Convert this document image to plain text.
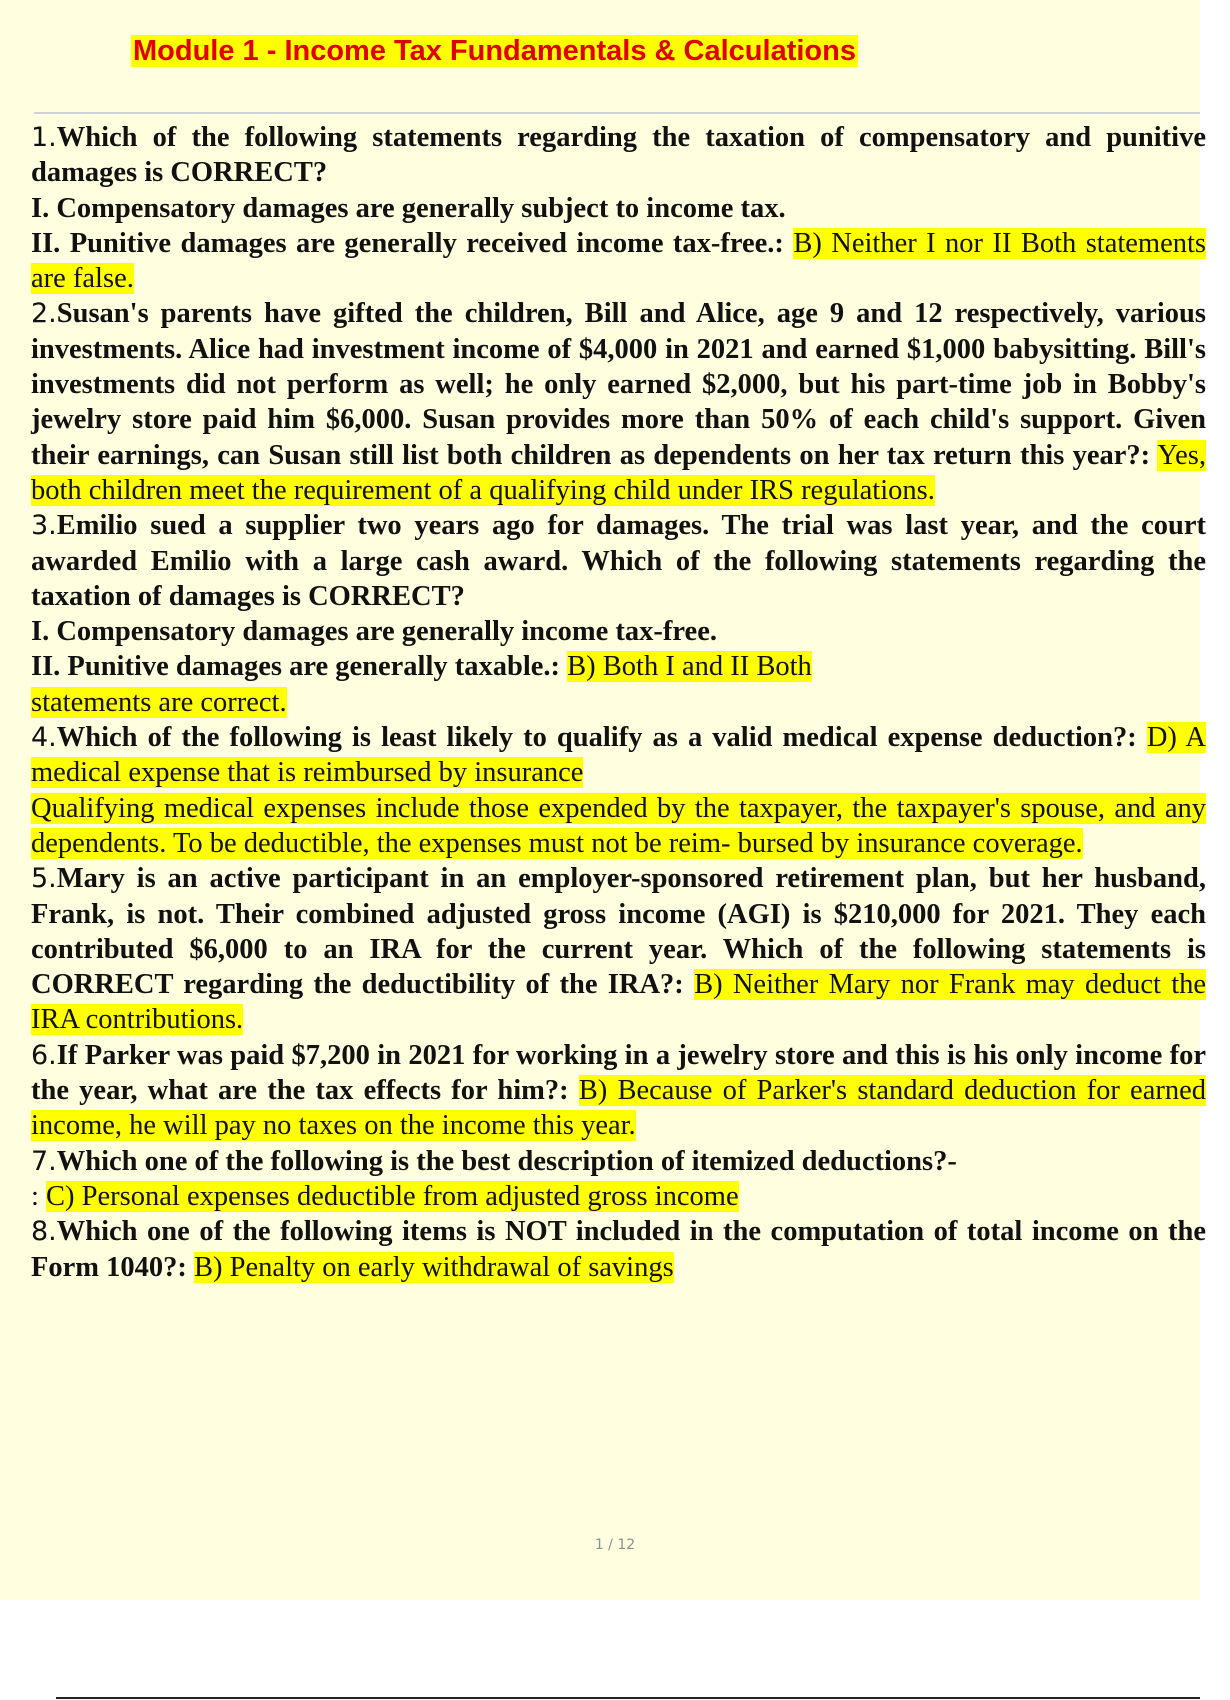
Module 1 - Income Tax Fundamentals & Calculations

1.Which of the following statements regarding the taxation of compensatory and punitive damages is CORRECT?
I. Compensatory damages are generally subject to income tax.
II. Punitive damages are generally received income tax-free.: B) Neither I nor II Both statements are false.

2.Susan's parents have gifted the children, Bill and Alice, age 9 and 12 respectively, various investments. Alice had investment income of $4,000 in 2021 and earned $1,000 babysitting. Bill's investments did not perform as well; he only earned $2,000, but his part-time job in Bobby's jewelry store paid him $6,000. Susan provides more than 50% of each child's support. Given their earnings, can Susan still list both children as dependents on her tax return this year?: Yes, both children meet the requirement of a qualifying child under IRS regulations.

3.Emilio sued a supplier two years ago for damages. The trial was last year, and the court awarded Emilio with a large cash award. Which of the following statements regarding the taxation of damages is CORRECT?
I. Compensatory damages are generally income tax-free.
II. Punitive damages are generally taxable.: B) Both I and II Both
statements are correct.

4.Which of the following is least likely to qualify as a valid medical expense deduction?: D) A medical expense that is reimbursed by insurance
Qualifying medical expenses include those expended by the taxpayer, the taxpayer's spouse, and any dependents. To be deductible, the expenses must not be reim- bursed by insurance coverage.

5.Mary is an active participant in an employer-sponsored retirement plan, but her husband, Frank, is not. Their combined adjusted gross income (AGI) is $210,000 for 2021. They each contributed $6,000 to an IRA for the current year. Which of the following statements is CORRECT regarding the deductibility of the IRA?: B) Neither Mary nor Frank may deduct the IRA contributions.

6.If Parker was paid $7,200 in 2021 for working in a jewelry store and this is his only income for the year, what are the tax effects for him?: B) Because of Parker's standard deduction for earned income, he will pay no taxes on the income this year.

7.Which one of the following is the best description of itemized deductions?-
: C) Personal expenses deductible from adjusted gross income

8.Which one of the following items is NOT included in the computation of total income on the Form 1040?: B) Penalty on early withdrawal of savings

1 / 12
